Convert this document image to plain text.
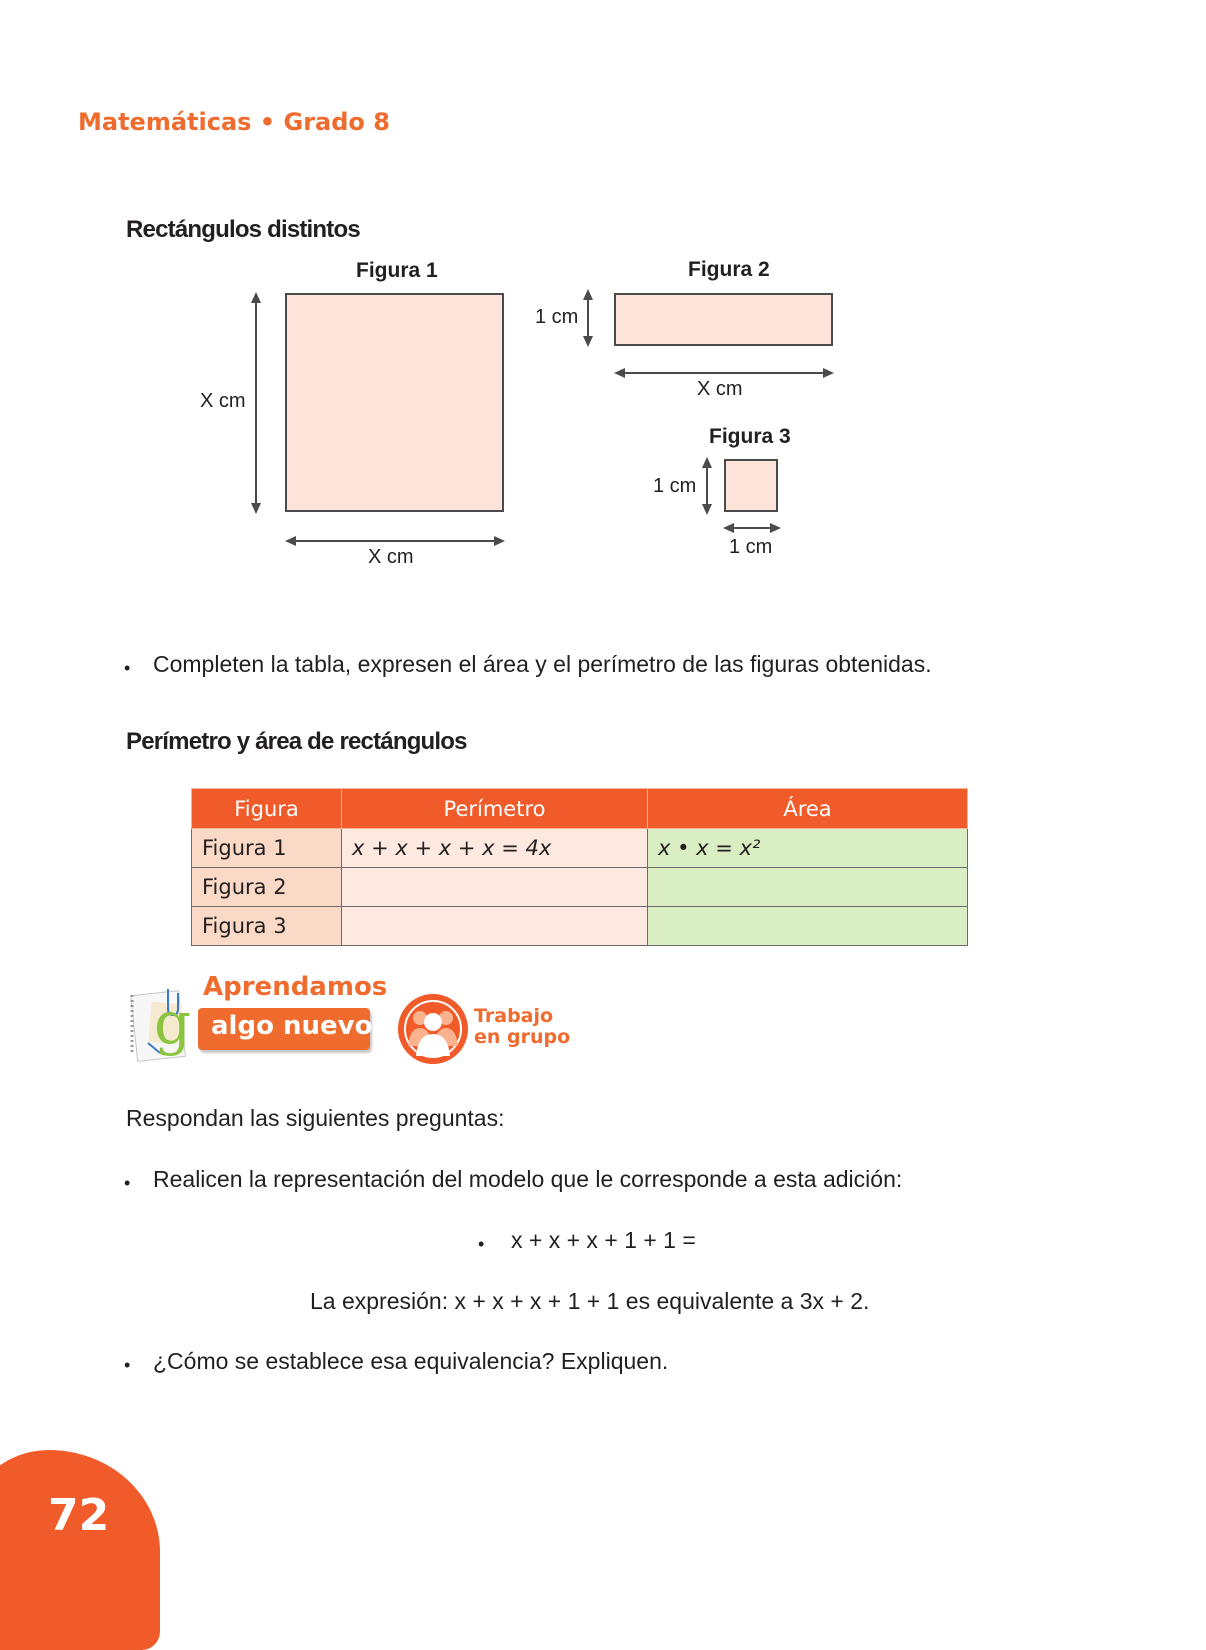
Matemáticas • Grado 8
Rectángulos distintos
Figura 1
X cm
X cm
Figura 2
1 cm
X cm
Figura 3
1 cm
1 cm
• Completen la tabla, expresen el área y el perímetro de las figuras obtenidas.
Perímetro y área de rectángulos
Figura	Perímetro	Área
Figura 1	x + x + x + x = 4x	x • x = x²
Figura 2		
Figura 3		
g
Aprendamos
algo nuevo	Trabajo
en grupo
Respondan las siguientes preguntas:
• Realicen la representación del modelo que le corresponde a esta adición:
• x + x + x + 1 + 1 =
La expresión: x + x + x + 1 + 1 es equivalente a 3x + 2.
• ¿Cómo se establece esa equivalencia? Expliquen.
72
